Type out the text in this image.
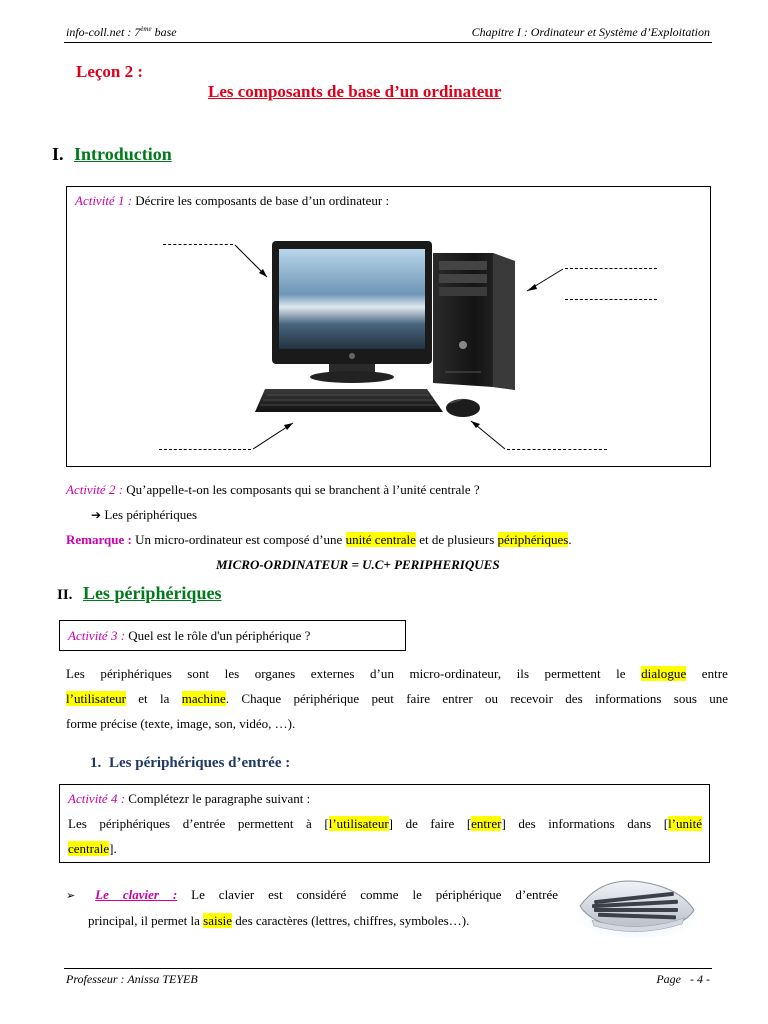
info-coll.net : 7ème base	Chapitre I : Ordinateur et Système d’Exploitation
Leçon 2 :
Les composants de base d’un ordinateur
I. Introduction
Activité 1 : Décrire les composants de base d’un ordinateur :
Activité 2 : Qu’appelle-t-on les composants qui se branchent à l’unité centrale ?
➔ Les périphériques
Remarque : Un micro-ordinateur est composé d’une unité centrale et de plusieurs périphériques.
MICRO-ORDINATEUR = U.C+ PERIPHERIQUES
II. Les périphériques
Activité 3 : Quel est le rôle d'un périphérique ?
Les périphériques sont les organes externes d’un micro-ordinateur, ils permettent le dialogue entre
l’utilisateur et la machine. Chaque périphérique peut faire entrer ou recevoir des informations sous une
forme précise (texte, image, son, vidéo, …).
1. Les périphériques d’entrée :
Activité 4 : Complétezr le paragraphe suivant :
Les périphériques d’entrée permettent à [l’utilisateur] de faire [entrer] des informations dans [l’unité
centrale].
➢ Le clavier : Le clavier est considéré comme le périphérique d’entrée
principal, il permet la saisie des caractères (lettres, chiffres, symboles…).
Professeur : Anissa TEYEB	Page   - 4 -
